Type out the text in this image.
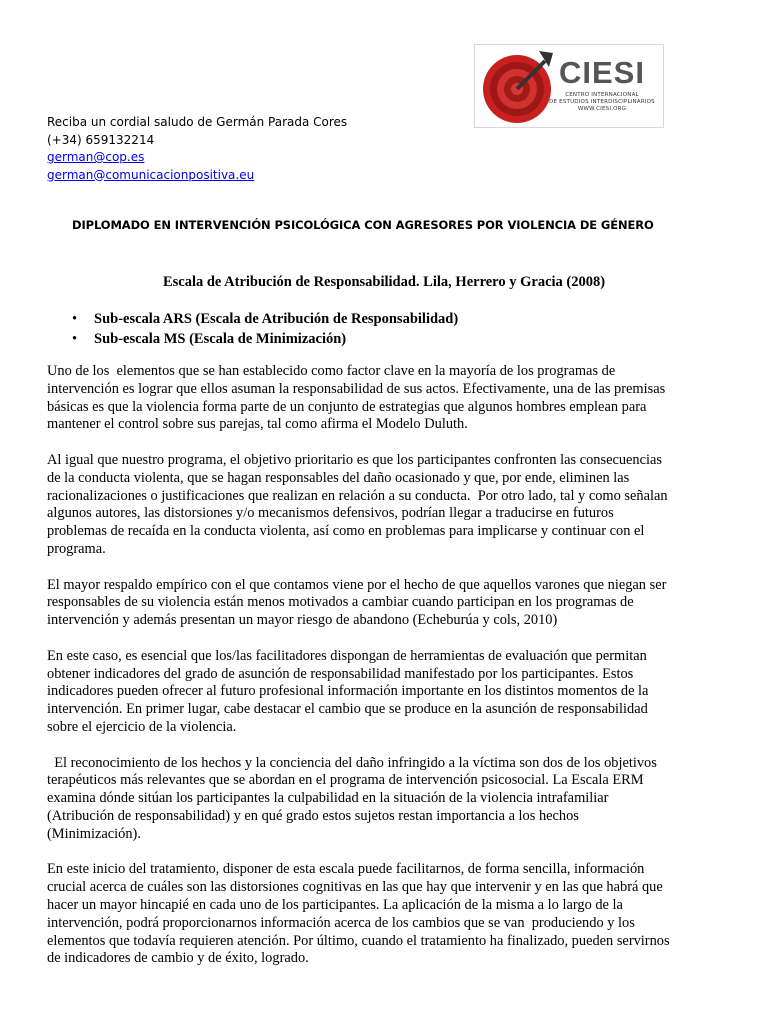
CIESI
CENTRO INTERNACIONAL
DE ESTUDIOS INTERDISCIPLINARIOS
WWW.CIESI.ORG
Reciba un cordial saludo de Germán Parada Cores
(+34) 659132214
german@cop.es
german@comunicacionpositiva.eu
DIPLOMADO EN INTERVENCIÓN PSICOLÓGICA CON AGRESORES POR VIOLENCIA DE GÉNERO
Escala de Atribución de Responsabilidad. Lila, Herrero y Gracia (2008)
• Sub-escala ARS (Escala de Atribución de Responsabilidad)
• Sub-escala MS (Escala de Minimización)

Uno de los  elementos que se han establecido como factor clave en la mayoría de los programas de
intervención es lograr que ellos asuman la responsabilidad de sus actos. Efectivamente, una de las premisas
básicas es que la violencia forma parte de un conjunto de estrategias que algunos hombres emplean para
mantener el control sobre sus parejas, tal como afirma el Modelo Duluth.

Al igual que nuestro programa, el objetivo prioritario es que los participantes confronten las consecuencias
de la conducta violenta, que se hagan responsables del daño ocasionado y que, por ende, eliminen las
racionalizaciones o justificaciones que realizan en relación a su conducta.  Por otro lado, tal y como señalan
algunos autores, las distorsiones y/o mecanismos defensivos, podrían llegar a traducirse en futuros
problemas de recaída en la conducta violenta, así como en problemas para implicarse y continuar con el
programa.

El mayor respaldo empírico con el que contamos viene por el hecho de que aquellos varones que niegan ser
responsables de su violencia están menos motivados a cambiar cuando participan en los programas de
intervención y además presentan un mayor riesgo de abandono (Echeburúa y cols, 2010)

En este caso, es esencial que los/las facilitadores dispongan de herramientas de evaluación que permitan
obtener indicadores del grado de asunción de responsabilidad manifestado por los participantes. Estos
indicadores pueden ofrecer al futuro profesional información importante en los distintos momentos de la
intervención. En primer lugar, cabe destacar el cambio que se produce en la asunción de responsabilidad
sobre el ejercicio de la violencia.

El reconocimiento de los hechos y la conciencia del daño infringido a la víctima son dos de los objetivos
terapéuticos más relevantes que se abordan en el programa de intervención psicosocial. La Escala ERM
examina dónde sitúan los participantes la culpabilidad en la situación de la violencia intrafamiliar
(Atribución de responsabilidad) y en qué grado estos sujetos restan importancia a los hechos
(Minimización).

En este inicio del tratamiento, disponer de esta escala puede facilitarnos, de forma sencilla, información
crucial acerca de cuáles son las distorsiones cognitivas en las que hay que intervenir y en las que habrá que
hacer un mayor hincapié en cada uno de los participantes. La aplicación de la misma a lo largo de la
intervención, podrá proporcionarnos información acerca de los cambios que se van  produciendo y los
elementos que todavía requieren atención. Por último, cuando el tratamiento ha finalizado, pueden servirnos
de indicadores de cambio y de éxito, logrado.
